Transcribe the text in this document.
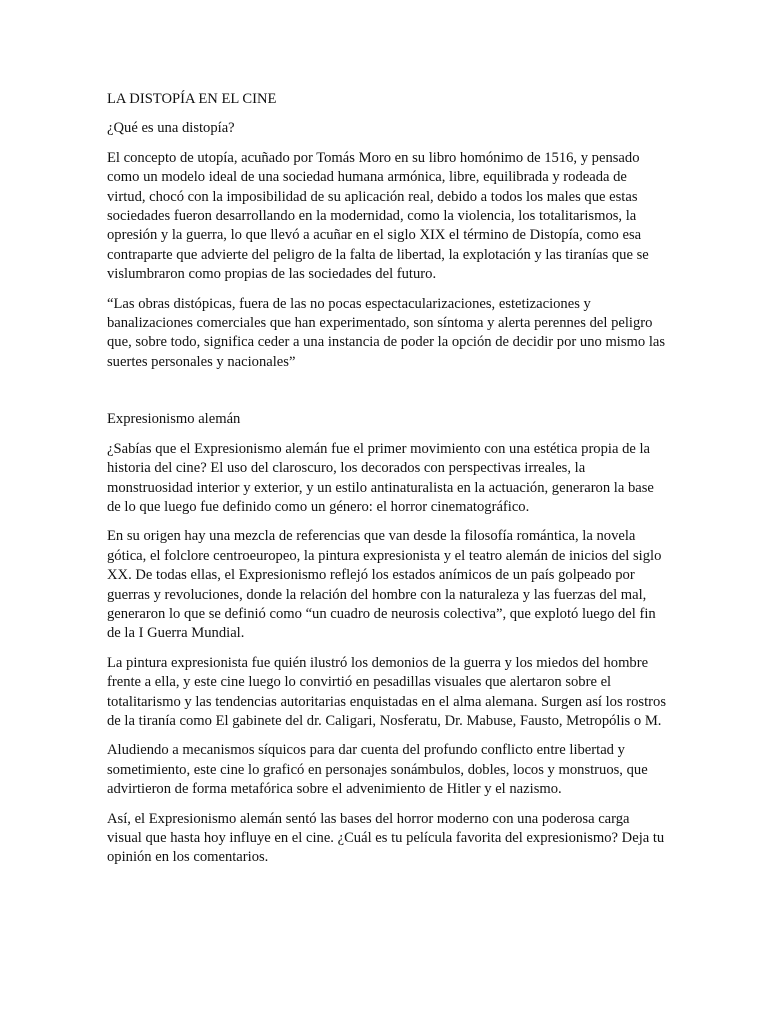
LA DISTOPÍA EN EL CINE

¿Qué es una distopía?

El concepto de utopía, acuñado por Tomás Moro en su libro homónimo de 1516, y pensado como un modelo ideal de una sociedad humana armónica, libre, equilibrada y rodeada de virtud, chocó con la imposibilidad de su aplicación real, debido a todos los males que estas sociedades fueron desarrollando en la modernidad, como la violencia, los totalitarismos, la opresión y la guerra, lo que llevó a acuñar en el siglo XIX el término de Distopía, como esa contraparte que advierte del peligro de la falta de libertad, la explotación y las tiranías que se vislumbraron como propias de las sociedades del futuro.

“Las obras distópicas, fuera de las no pocas espectacularizaciones, estetizaciones y banalizaciones comerciales que han experimentado, son síntoma y alerta perennes del peligro que, sobre todo, significa ceder a una instancia de poder la opción de decidir por uno mismo las suertes personales y nacionales”

Expresionismo alemán

¿Sabías que el Expresionismo alemán fue el primer movimiento con una estética propia de la historia del cine? El uso del claroscuro, los decorados con perspectivas irreales, la monstruosidad interior y exterior, y un estilo antinaturalista en la actuación, generaron la base de lo que luego fue definido como un género: el horror cinematográfico.

En su origen hay una mezcla de referencias que van desde la filosofía romántica, la novela gótica, el folclore centroeuropeo, la pintura expresionista y el teatro alemán de inicios del siglo XX. De todas ellas, el Expresionismo reflejó los estados anímicos de un país golpeado por guerras y revoluciones, donde la relación del hombre con la naturaleza y las fuerzas del mal, generaron lo que se definió como “un cuadro de neurosis colectiva”, que explotó luego del fin de la I Guerra Mundial.

La pintura expresionista fue quién ilustró los demonios de la guerra y los miedos del hombre frente a ella, y este cine luego lo convirtió en pesadillas visuales que alertaron sobre el totalitarismo y las tendencias autoritarias enquistadas en el alma alemana. Surgen así los rostros de la tiranía como El gabinete del dr. Caligari, Nosferatu, Dr. Mabuse, Fausto, Metropólis o M.

Aludiendo a mecanismos síquicos para dar cuenta del profundo conflicto entre libertad y sometimiento, este cine lo graficó en personajes sonámbulos, dobles, locos y monstruos, que advirtieron de forma metafórica sobre el advenimiento de Hitler y el nazismo.

Así, el Expresionismo alemán sentó las bases del horror moderno con una poderosa carga visual que hasta hoy influye en el cine. ¿Cuál es tu película favorita del expresionismo? Deja tu opinión en los comentarios.
